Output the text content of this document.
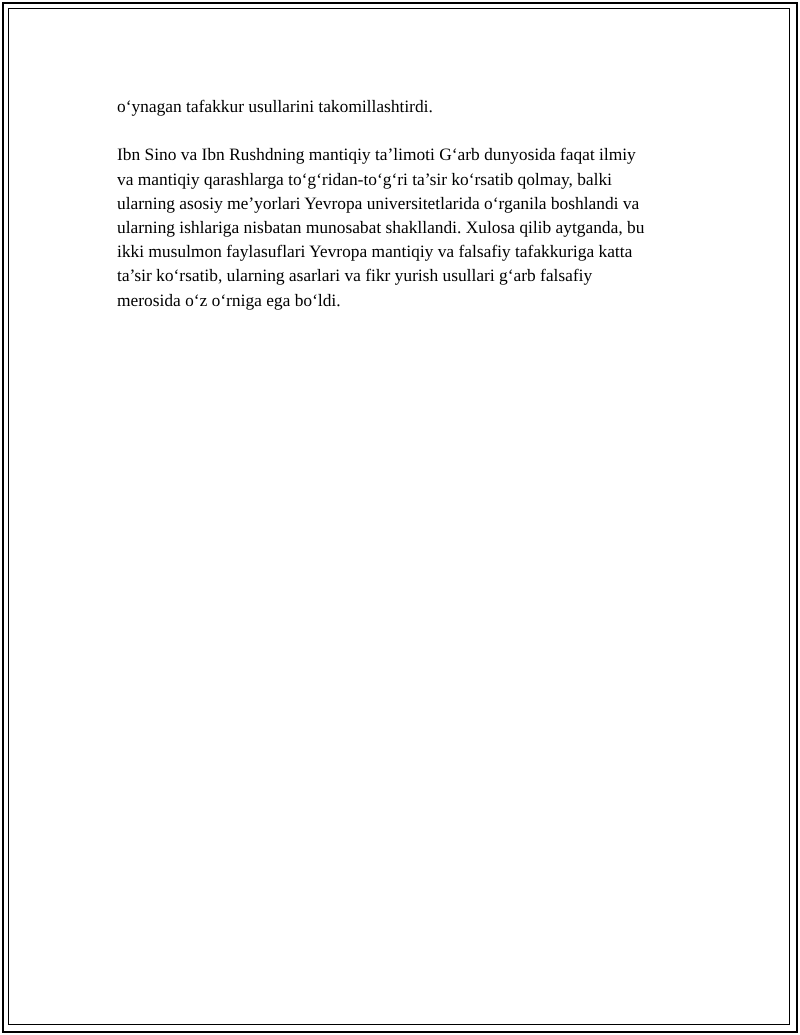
o‘ynagan tafakkur usullarini takomillashtirdi.

Ibn Sino va Ibn Rushdning mantiqiy ta’limoti G‘arb dunyosida faqat ilmiy
va mantiqiy qarashlarga to‘g‘ridan-to‘g‘ri ta’sir ko‘rsatib qolmay, balki
ularning asosiy me’yorlari Yevropa universitetlarida o‘rganila boshlandi va
ularning ishlariga nisbatan munosabat shakllandi. Xulosa qilib aytganda, bu
ikki musulmon faylasuflari Yevropa mantiqiy va falsafiy tafakkuriga katta
ta’sir ko‘rsatib, ularning asarlari va fikr yurish usullari g‘arb falsafiy
merosida o‘z o‘rniga ega bo‘ldi.
